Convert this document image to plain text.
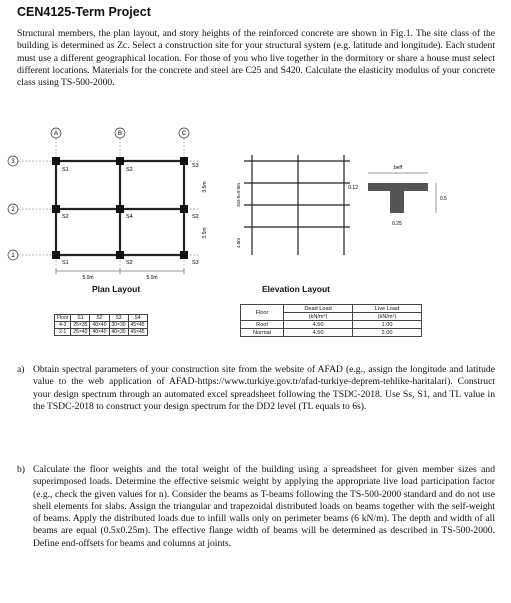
CEN4125-Term Project
Structural members, the plan layout, and story heights of the reinforced concrete are shown in Fig.1. The site class of the building is determined as Zc. Select a construction site for your structural system (e.g. latitude and longitude). Each student must use a different geographical location. For those of you who live together in the dormitory or share a house must select different locations. Materials for the concrete and steel are C25 and S420. Calculate the elasticity modulus of your concrete class using TS-500-2000.
A	B	C
3
2
1
S1	S2
S2	S4
S1	S2
S3
S2
S3
5.0m	5.0m
3.5m
3.5m
3x3.0=9.0m
4.0m
beff
0.12
0.5
0.25
Plan Layout	Elevation Layout
Floor	S1	S2	S3	S4
4-3	25×35	40×40	30×30	45×45
2-1	25×40	40×40	40×30	45×45
Floor	Dead Load	Live Load
	(kN/m²)	(kN/m²)
Roof	4.50	1.00
Normal	4.50	2.00
a) Obtain spectral parameters of your construction site from the website of AFAD (e.g., assign the longitude and latitude value to the web application of AFAD-https://www.turkiye.gov.tr/afad-turkiye-deprem-tehlike-haritalari). Construct your design spectrum through an automated excel spreadsheet following the TSDC-2018. Use Ss, S1, and TL value in the TSDC-2018 to construct your design spectrum for the DD2 level (TL equals to 6s).
b) Calculate the floor weights and the total weight of the building using a spreadsheet for given member sizes and superimposed loads. Determine the effective seismic weight by applying the appropriate live load participation factor (e.g., check the given values for n). Consider the beams as T-beams following the TS-500-2000 standard and do not use shell elements for slabs. Assign the triangular and trapezoidal distributed loads on beams together with the self-weight of beams. Apply the distributed loads due to infill walls only on perimeter beams (6 kN/m). The depth and width of all beams are equal (0.5x0.25m). The effective flange width of beams will be determined as described in TS-500-2000. Define end-offsets for beams and columns at joints.
